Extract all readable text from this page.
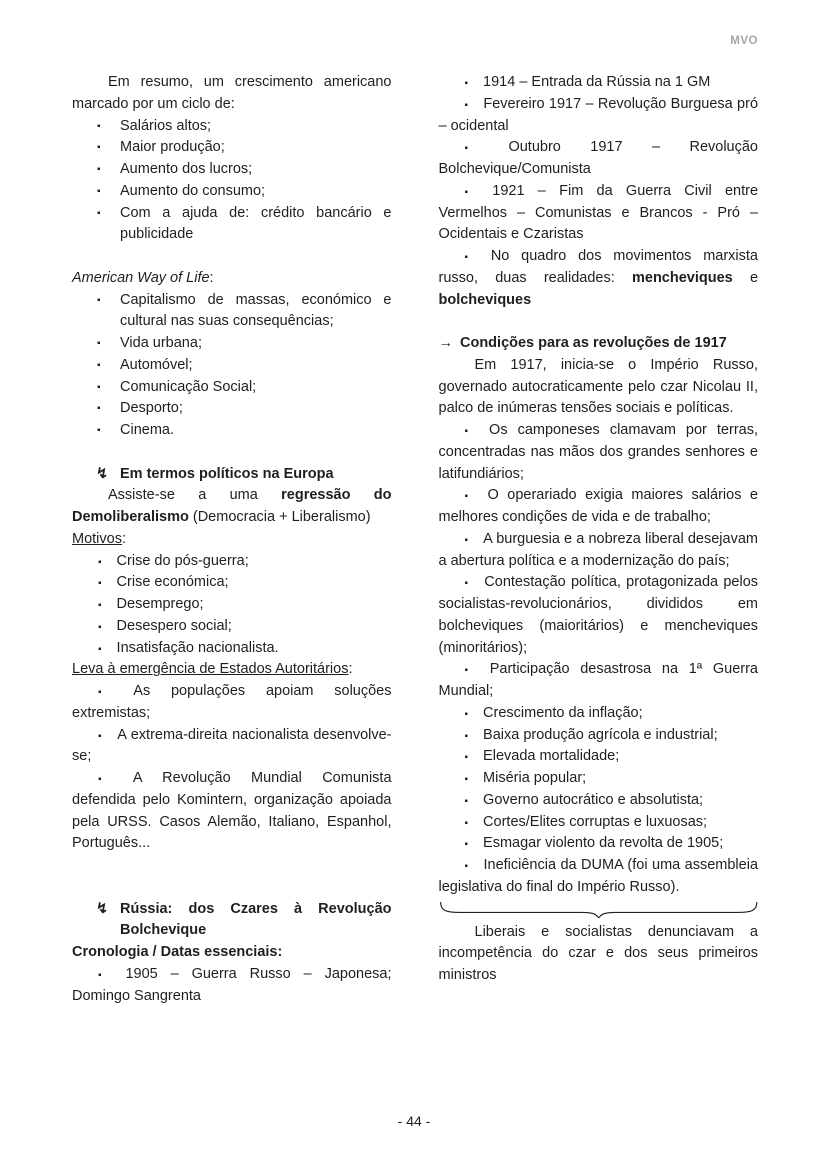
MVO
Em resumo, um crescimento americano marcado por um ciclo de:
▪ Salários altos;
▪ Maior produção;
▪ Aumento dos lucros;
▪ Aumento do consumo;
▪ Com a ajuda de: crédito bancário e publicidade
American Way of Life:
▪ Capitalismo de massas, económico e cultural nas suas consequências;
▪ Vida urbana;
▪ Automóvel;
▪ Comunicação Social;
▪ Desporto;
▪ Cinema.
↯ Em termos políticos na Europa
Assiste-se a uma regressão do Demoliberalismo (Democracia + Liberalismo)
Motivos:
▪ Crise do pós-guerra;
▪ Crise económica;
▪ Desemprego;
▪ Desespero social;
▪ Insatisfação nacionalista.
Leva à emergência de Estados Autoritários:
▪ As populações apoiam soluções extremistas;
▪ A extrema-direita nacionalista desenvolve-se;
▪ A Revolução Mundial Comunista defendida pelo Komintern, organização apoiada pela URSS. Casos Alemão, Italiano, Espanhol, Português...
↯ Rússia: dos Czares à Revolução Bolchevique
Cronologia / Datas essenciais:
▪ 1905 – Guerra Russo – Japonesa; Domingo Sangrenta
▪ 1914 – Entrada da Rússia na 1 GM
▪ Fevereiro 1917 – Revolução Burguesa pró – ocidental
▪ Outubro 1917 – Revolução Bolchevique/Comunista
▪ 1921 – Fim da Guerra Civil entre Vermelhos – Comunistas e Brancos - Pró – Ocidentais e Czaristas
▪ No quadro dos movimentos marxista russo, duas realidades: mencheviques e bolcheviques
→ Condições para as revoluções de 1917
Em 1917, inicia-se o Império Russo, governado autocraticamente pelo czar Nicolau II, palco de inúmeras tensões sociais e políticas.
▪ Os camponeses clamavam por terras, concentradas nas mãos dos grandes senhores e latifundiários;
▪ O operariado exigia maiores salários e melhores condições de vida e de trabalho;
▪ A burguesia e a nobreza liberal desejavam a abertura política e a modernização do país;
▪ Contestação política, protagonizada pelos socialistas-revolucionários, divididos em bolcheviques (maioritários) e mencheviques (minoritários);
▪ Participação desastrosa na 1ª Guerra Mundial;
▪ Crescimento da inflação;
▪ Baixa produção agrícola e industrial;
▪ Elevada mortalidade;
▪ Miséria popular;
▪ Governo autocrático e absolutista;
▪ Cortes/Elites corruptas e luxuosas;
▪ Esmagar violento da revolta de 1905;
▪ Ineficiência da DUMA (foi uma assembleia legislativa do final do Império Russo).
Liberais e socialistas denunciavam a incompetência do czar e dos seus primeiros ministros
- 44 -
